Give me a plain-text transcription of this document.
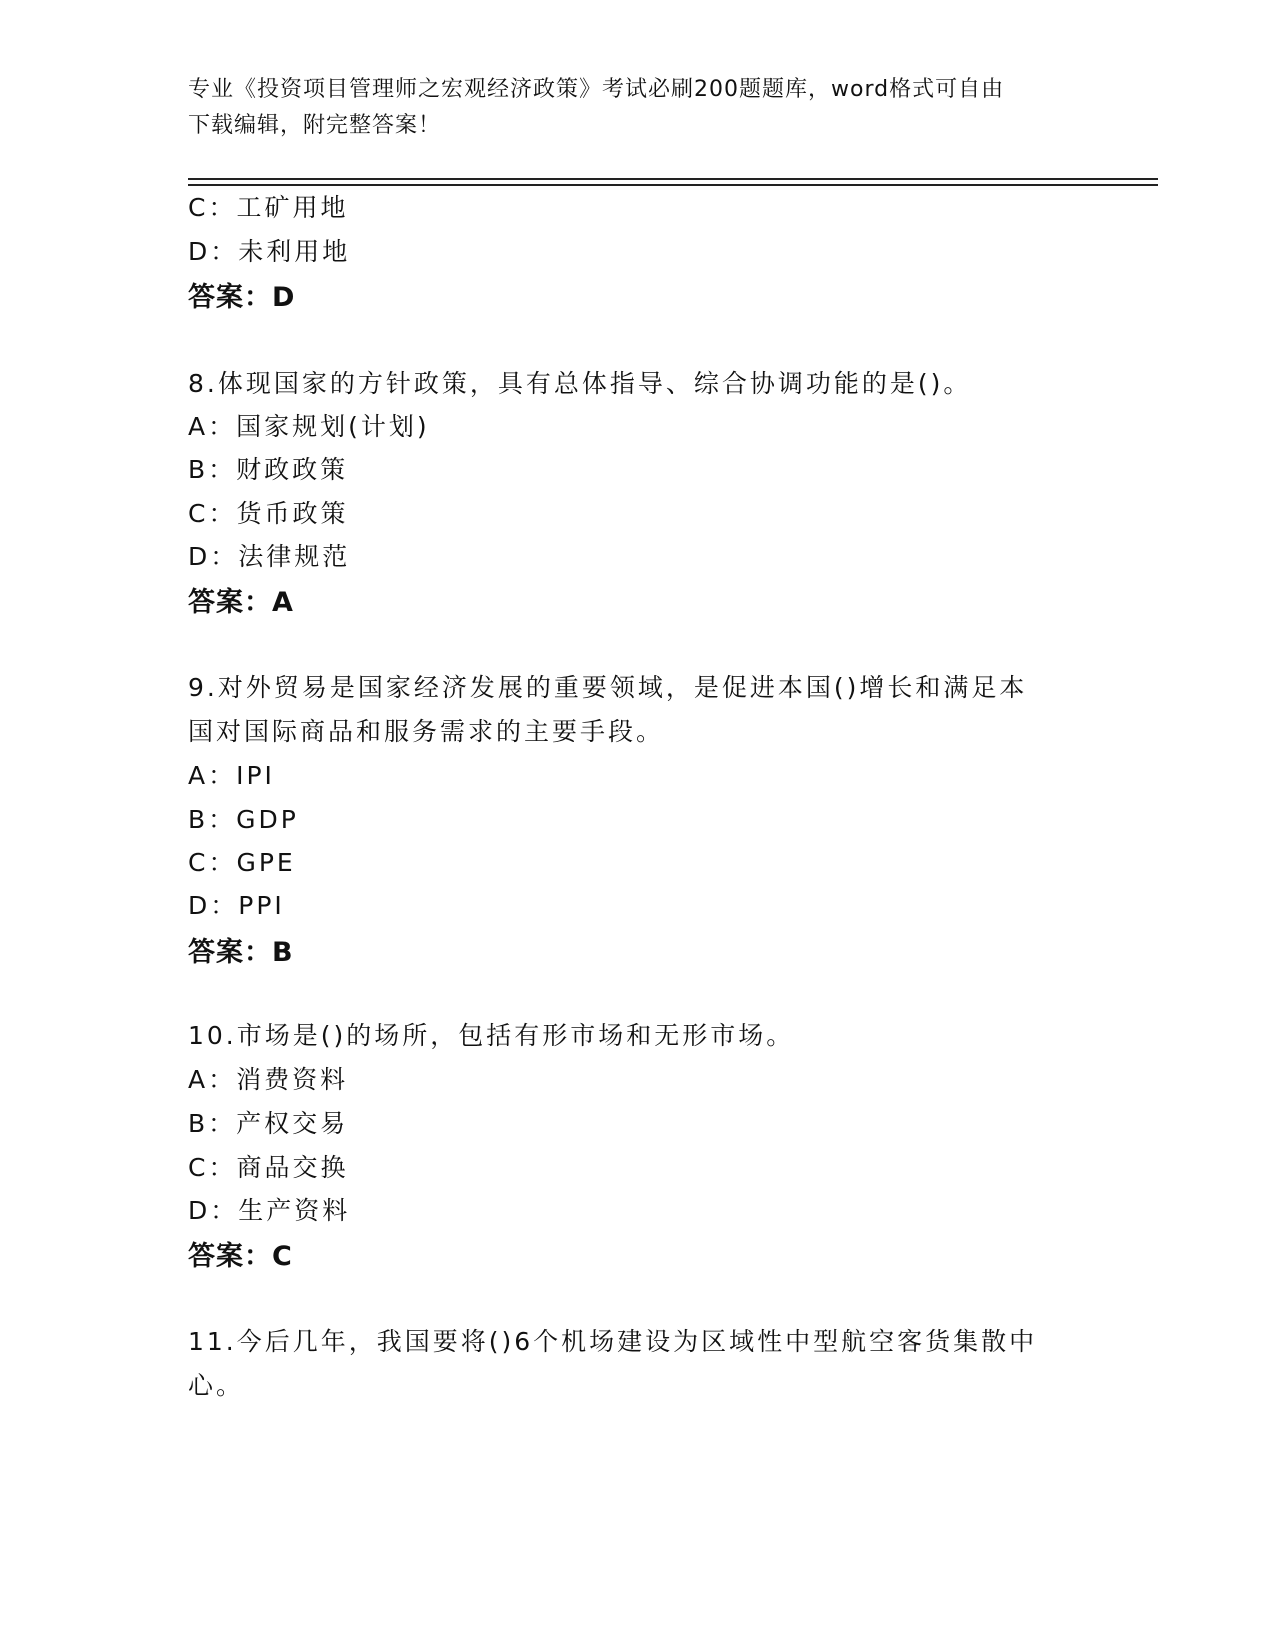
专业《投资项目管理师之宏观经济政策》考试必刷200题题库，word格式可自由
下载编辑，附完整答案！
C：工矿用地
D：未利用地
答案：D
8.体现国家的方针政策，具有总体指导、综合协调功能的是()。
A：国家规划(计划)
B：财政政策
C：货币政策
D：法律规范
答案：A
9.对外贸易是国家经济发展的重要领域，是促进本国()增长和满足本
国对国际商品和服务需求的主要手段。
A：IPI
B：GDP
C：GPE
D：PPI
答案：B
10.市场是()的场所，包括有形市场和无形市场。
A：消费资料
B：产权交易
C：商品交换
D：生产资料
答案：C
11.今后几年，我国要将()6个机场建设为区域性中型航空客货集散中
心。
